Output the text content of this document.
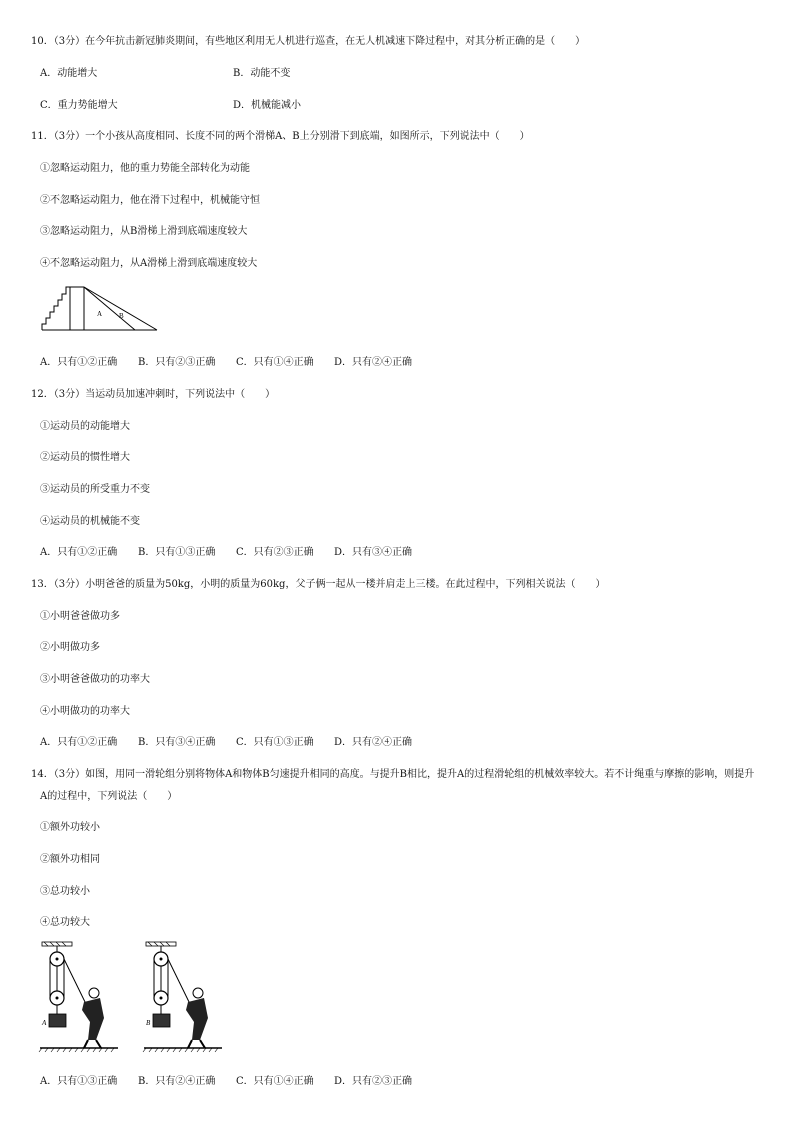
10．（3分）在今年抗击新冠肺炎期间，有些地区利用无人机进行巡查，在无人机减速下降过程中，对其分析正确的是（　　）
A．动能增大	B．动能不变
C．重力势能增大	D．机械能减小
11．（3分）一个小孩从高度相同、长度不同的两个滑梯A、B上分别滑下到底端，如图所示，下列说法中（　　）
①忽略运动阻力，他的重力势能全部转化为动能
②不忽略运动阻力，他在滑下过程中，机械能守恒
③忽略运动阻力，从B滑梯上滑到底端速度较大
④不忽略运动阻力，从A滑梯上滑到底端速度较大
A B
A．只有①②正确 B．只有②③正确 C．只有①④正确 D．只有②④正确
12．（3分）当运动员加速冲刺时，下列说法中（　　）
①运动员的动能增大
②运动员的惯性增大
③运动员的所受重力不变
④运动员的机械能不变
A．只有①②正确 B．只有①③正确 C．只有②③正确 D．只有③④正确
13．（3分）小明爸爸的质量为50kg，小明的质量为60kg，父子俩一起从一楼并肩走上三楼。在此过程中，下列相关说法（　　）
①小明爸爸做功多
②小明做功多
③小明爸爸做功的功率大
④小明做功的功率大
A．只有①②正确 B．只有③④正确 C．只有①③正确 D．只有②④正确
14．（3分）如图，用同一滑轮组分别将物体A和物体B匀速提升相同的高度。与提升B相比，提升A的过程滑轮组的机械效率较大。若不计绳重与摩擦的影响，则提升
A的过程中，下列说法（　　）
①额外功较小
②额外功相同
③总功较小
④总功较大
A	B
A．只有①③正确 B．只有②④正确 C．只有①④正确 D．只有②③正确
